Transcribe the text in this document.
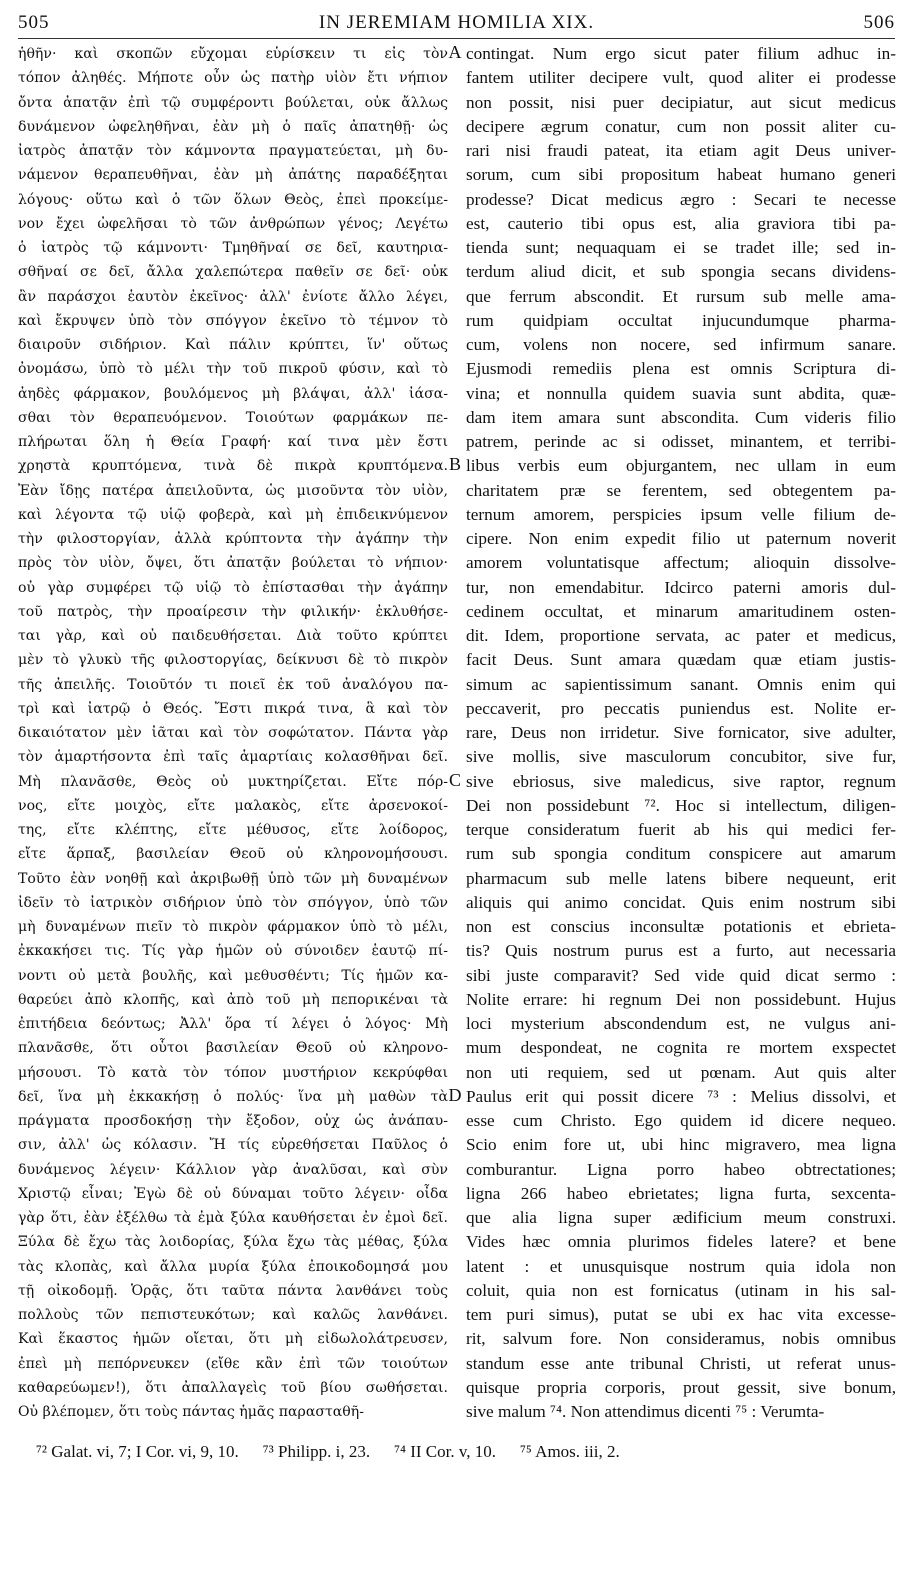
505	IN JEREMIAM HOMILIA XIX.	506
ἡθῆν· καὶ σκοπῶν εὔχομαι εὑρίσκειν τι εἰς τὸν
τόπον ἀληθές. Μήποτε οὖν ὡς πατὴρ υἱὸν ἔτι νήπιον
ὄντα ἀπατᾷν ἐπὶ τῷ συμφέροντι βούλεται, οὐκ ἄλλως
δυνάμενον ὠφεληθῆναι, ἐὰν μὴ ὁ παῖς ἀπατηθῇ· ὡς
ἰατρὸς ἀπατᾷν τὸν κάμνοντα πραγματεύεται, μὴ δυ-
νάμενον θεραπευθῆναι, ἐὰν μὴ ἀπάτης παραδέξηται
λόγους· οὕτω καὶ ὁ τῶν ὅλων Θεὸς, ἐπεὶ προκείμε-
νον ἔχει ὠφελῆσαι τὸ τῶν ἀνθρώπων γένος; Λεγέτω
ὁ ἰατρὸς τῷ κάμνοντι· Τμηθῆναί σε δεῖ, καυτηρια-
σθῆναί σε δεῖ, ἄλλα χαλεπώτερα παθεῖν σε δεῖ· οὐκ
ἂν παράσχοι ἑαυτὸν ἐκεῖνος· ἀλλ' ἐνίοτε ἄλλο λέγει,
καὶ ἔκρυψεν ὑπὸ τὸν σπόγγον ἐκεῖνο τὸ τέμνον τὸ
διαιροῦν σιδήριον. Καὶ πάλιν κρύπτει, ἵν' οὕτως
ὀνομάσω, ὑπὸ τὸ μέλι τὴν τοῦ πικροῦ φύσιν, καὶ τὸ
ἀηδὲς φάρμακον, βουλόμενος μὴ βλάψαι, ἀλλ' ἰάσα-
σθαι τὸν θεραπευόμενον. Τοιούτων φαρμάκων πε-
πλήρωται ὅλη ἡ Θεία Γραφή· καί τινα μὲν ἔστι
χρηστὰ κρυπτόμενα, τινὰ δὲ πικρὰ κρυπτόμενα.
Ἐὰν ἴδῃς πατέρα ἀπειλοῦντα, ὡς μισοῦντα τὸν υἱὸν,
καὶ λέγοντα τῷ υἱῷ φοβερὰ, καὶ μὴ ἐπιδεικνύμενον
τὴν φιλοστοργίαν, ἀλλὰ κρύπτοντα τὴν ἀγάπην τὴν
πρὸς τὸν υἱὸν, ὄψει, ὅτι ἀπατᾷν βούλεται τὸ νήπιον·
οὐ γὰρ συμφέρει τῷ υἱῷ τὸ ἐπίστασθαι τὴν ἀγάπην
τοῦ πατρὸς, τὴν προαίρεσιν τὴν φιλικήν· ἐκλυθήσε-
ται γὰρ, καὶ οὐ παιδευθήσεται. Διὰ τοῦτο κρύπτει
μὲν τὸ γλυκὺ τῆς φιλοστοργίας, δείκνυσι δὲ τὸ πικρὸν
τῆς ἀπειλῆς. Τοιοῦτόν τι ποιεῖ ἐκ τοῦ ἀναλόγου πα-
τρὶ καὶ ἰατρῷ ὁ Θεός. Ἔστι πικρά τινα, ἃ καὶ τὸν
δικαιότατον μὲν ἰᾶται καὶ τὸν σοφώτατον. Πάντα γὰρ
τὸν ἁμαρτήσοντα ἐπὶ ταῖς ἁμαρτίαις κολασθῆναι δεῖ.
Μὴ πλανᾶσθε, Θεὸς οὐ μυκτηρίζεται. Εἴτε πόρ-
νος, εἴτε μοιχὸς, εἴτε μαλακὸς, εἴτε ἀρσενοκοί-
της, εἴτε κλέπτης, εἴτε μέθυσος, εἴτε λοίδορος,
εἴτε ἅρπαξ, βασιλείαν Θεοῦ οὐ κληρονομήσουσι.
Τοῦτο ἐὰν νοηθῇ καὶ ἀκριβωθῇ ὑπὸ τῶν μὴ δυναμένων
ἰδεῖν τὸ ἰατρικὸν σιδήριον ὑπὸ τὸν σπόγγον, ὑπὸ τῶν
μὴ δυναμένων πιεῖν τὸ πικρὸν φάρμακον ὑπὸ τὸ μέλι,
ἐκκακήσει τις. Τίς γὰρ ἡμῶν οὐ σύνοιδεν ἑαυτῷ πί-
νοντι οὐ μετὰ βουλῆς, καὶ μεθυσθέντι; Τίς ἡμῶν κα-
θαρεύει ἀπὸ κλοπῆς, καὶ ἀπὸ τοῦ μὴ πεπορικέναι τὰ
ἐπιτήδεια δεόντως; Ἀλλ' ὅρα τί λέγει ὁ λόγος· Μὴ
πλανᾶσθε, ὅτι οὗτοι βασιλείαν Θεοῦ οὐ κληρονο-
μήσουσι. Τὸ κατὰ τὸν τόπον μυστήριον κεκρύφθαι
δεῖ, ἵνα μὴ ἐκκακήσῃ ὁ πολύς· ἵνα μὴ μαθὼν τὰ
πράγματα προσδοκήσῃ τὴν ἔξοδον, οὐχ ὡς ἀνάπαυ-
σιν, ἀλλ' ὡς κόλασιν. Ἤ τίς εὑρεθήσεται Παῦλος ὁ
δυνάμενος λέγειν· Κάλλιον γὰρ ἀναλῦσαι, καὶ σὺν
Χριστῷ εἶναι; Ἐγὼ δὲ οὐ δύναμαι τοῦτο λέγειν· οἶδα
γὰρ ὅτι, ἐὰν ἐξέλθω τὰ ἐμὰ ξύλα καυθήσεται ἐν ἐμοὶ δεῖ.
Ξύλα δὲ ἔχω τὰς λοιδορίας, ξύλα ἔχω τὰς μέθας, ξύλα
τὰς κλοπὰς, καὶ ἄλλα μυρία ξύλα ἐποικοδομησά μου
τῇ οἰκοδομῇ. Ὁρᾷς, ὅτι ταῦτα πάντα λανθάνει τοὺς
πολλοὺς τῶν πεπιστευκότων; καὶ καλῶς λανθάνει.
Καὶ ἕκαστος ἡμῶν οἴεται, ὅτι μὴ εἰδωλολάτρευσεν,
ἐπεὶ μὴ πεπόρνευκεν (εἴθε κἂν ἐπὶ τῶν τοιούτων
καθαρεύωμεν!), ὅτι ἀπαλλαγεὶς τοῦ βίου σωθήσεται.
Οὐ βλέπομεν, ὅτι τοὺς πάντας ἡμᾶς παρασταθῆ-
A
B
C
D
contingat. Num ergo sicut pater filium adhuc in-
fantem utiliter decipere vult, quod aliter ei prodesse
non possit, nisi puer decipiatur, aut sicut medicus
decipere ægrum conatur, cum non possit aliter cu-
rari nisi fraudi pateat, ita etiam agit Deus univer-
sorum, cum sibi propositum habeat humano generi
prodesse? Dicat medicus ægro : Secari te necesse
est, cauterio tibi opus est, alia graviora tibi pa-
tienda sunt; nequaquam ei se tradet ille; sed in-
terdum aliud dicit, et sub spongia secans dividens-
que ferrum abscondit. Et rursum sub melle ama-
rum quidpiam occultat injucundumque pharma-
cum, volens non nocere, sed infirmum sanare.
Ejusmodi remediis plena est omnis Scriptura di-
vina; et nonnulla quidem suavia sunt abdita, quæ-
dam item amara sunt abscondita. Cum videris filio
patrem, perinde ac si odisset, minantem, et terribi-
libus verbis eum objurgantem, nec ullam in eum
charitatem præ se ferentem, sed obtegentem pa-
ternum amorem, perspicies ipsum velle filium de-
cipere. Non enim expedit filio ut paternum noverit
amorem voluntatisque affectum; alioquin dissolve-
tur, non emendabitur. Idcirco paterni amoris dul-
cedinem occultat, et minarum amaritudinem osten-
dit. Idem, proportione servata, ac pater et medicus,
facit Deus. Sunt amara quædam quæ etiam justis-
simum ac sapientissimum sanant. Omnis enim qui
peccaverit, pro peccatis puniendus est. Nolite er-
rare, Deus non irridetur. Sive fornicator, sive adulter,
sive mollis, sive masculorum concubitor, sive fur,
sive ebriosus, sive maledicus, sive raptor, regnum
Dei non possidebunt ⁷². Hoc si intellectum, diligen-
terque consideratum fuerit ab his qui medici fer-
rum sub spongia conditum conspicere aut amarum
pharmacum sub melle latens bibere nequeunt, erit
aliquis qui animo concidat. Quis enim nostrum sibi
non est conscius inconsultæ potationis et ebrieta-
tis? Quis nostrum purus est a furto, aut necessaria
sibi juste comparavit? Sed vide quid dicat sermo :
Nolite errare: hi regnum Dei non possidebunt. Hujus
loci mysterium abscondendum est, ne vulgus ani-
mum despondeat, ne cognita re mortem exspectet
non uti requiem, sed ut pœnam. Aut quis alter
Paulus erit qui possit dicere ⁷³ : Melius dissolvi, et
esse cum Christo. Ego quidem id dicere nequeo.
Scio enim fore ut, ubi hinc migravero, mea ligna
comburantur. Ligna porro habeo obtrectationes;
ligna 266 habeo ebrietates; ligna furta, sexcenta-
que alia ligna super ædificium meum construxi.
Vides hæc omnia plurimos fideles latere? et bene
latent : et unusquisque nostrum quia idola non
coluit, quia non est fornicatus (utinam in his sal-
tem puri simus), putat se ubi ex hac vita excesse-
rit, salvum fore. Non consideramus, nobis omnibus
standum esse ante tribunal Christi, ut referat unus-
quisque propria corporis, prout gessit, sive bonum,
sive malum ⁷⁴. Non attendimus dicenti ⁷⁵ : Verumta-
⁷² Galat. vi, 7; I Cor. vi, 9, 10. ⁷³ Philipp. i, 23. ⁷⁴ II Cor. v, 10. ⁷⁵ Amos. iii, 2.
